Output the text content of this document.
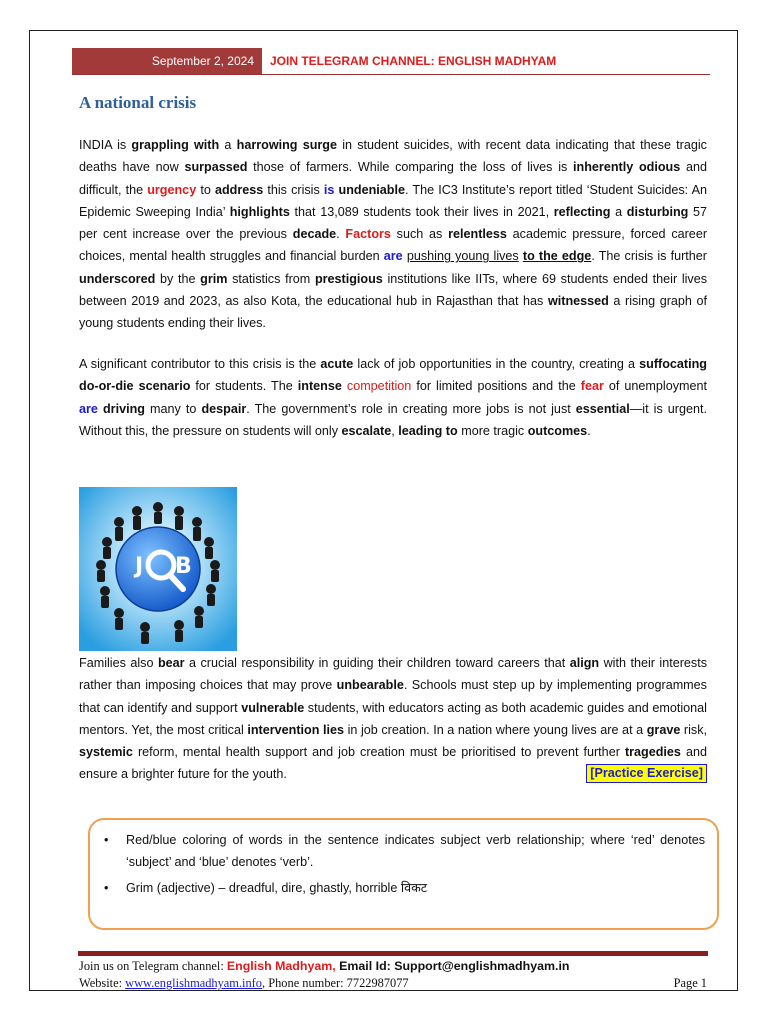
September 2, 2024	JOIN TELEGRAM CHANNEL: ENGLISH MADHYAM
A national crisis

INDIA is grappling with a harrowing surge in student suicides, with recent data indicating that these tragic deaths have now surpassed those of farmers. While comparing the loss of lives is inherently odious and difficult, the urgency to address this crisis is undeniable. The IC3 Institute’s report titled ‘Student Suicides: An Epidemic Sweeping India’ highlights that 13,089 students took their lives in 2021, reflecting a disturbing 57 per cent increase over the previous decade. Factors such as relentless academic pressure, forced career choices, mental health struggles and financial burden are pushing young lives to the edge. The crisis is further underscored by the grim statistics from prestigious institutions like IITs, where 69 students ended their lives between 2019 and 2023, as also Kota, the educational hub in Rajasthan that has witnessed a rising graph of young students ending their lives.

A significant contributor to this crisis is the acute lack of job opportunities in the country, creating a suffocating do-or-die scenario for students. The intense competition for limited positions and the fear of unemployment are driving many to despair. The government’s role in creating more jobs is not just essential—it is urgent. Without this, the pressure on students will only escalate, leading to more tragic outcomes.

J B

Families also bear a crucial responsibility in guiding their children toward careers that align with their interests rather than imposing choices that may prove unbearable. Schools must step up by implementing programmes that can identify and support vulnerable students, with educators acting as both academic guides and emotional mentors. Yet, the most critical intervention lies in job creation. In a nation where young lives are at a grave risk, systemic reform, mental health support and job creation must be prioritised to prevent further tragedies and ensure a brighter future for the youth.	[Practice Exercise]

• Red/blue coloring of words in the sentence indicates subject verb relationship; where ‘red’ denotes ‘subject’ and ‘blue’ denotes ‘verb’.
• Grim (adjective) – dreadful, dire, ghastly, horrible विकट
Join us on Telegram channel: English Madhyam, Email Id: Support@englishmadhyam.in
Website: www.englishmadhyam.info, Phone number: 7722987077	Page 1
